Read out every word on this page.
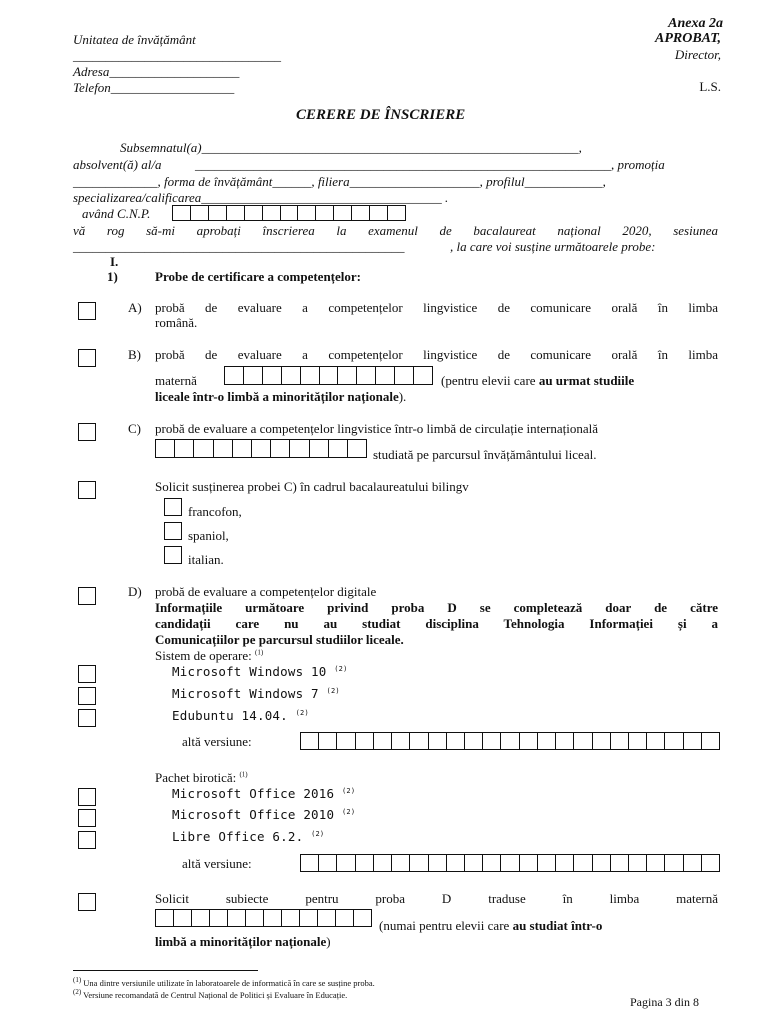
Anexa 2a
APROBAT,
Director,
L.S.
Unitatea de învățământ
________________________________
Adresa____________________
Telefon___________________
CERERE DE ÎNSCRIERE
Subsemnatul(a)__________________________________________________________,
absolvent(ă) al/a	________________________________________________________________, promoția
_____________, forma de învățământ______, filiera____________________, profilul____________,
specializarea/calificarea_____________________________________ .
având C.N.P.
vă rog să-mi aprobați înscrierea la examenul de bacalaureat național 2020, sesiunea
___________________________________________________	, la care voi susține următoarele probe:
I.
1)	Probe de certificare a competențelor:
A) probă de evaluare a competențelor lingvistice de comunicare orală în limba
română.
B) probă de evaluare a competențelor lingvistice de comunicare orală în limba
maternă	(pentru elevii care au urmat studiile
liceale într-o limbă a minorităților naționale).
C) probă de evaluare a competențelor lingvistice într-o limbă de circulație internațională
studiată pe parcursul învățământului liceal.
Solicit susținerea probei C) în cadrul bacalaureatului bilingv
francofon,
spaniol,
italian.
D) probă de evaluare a competențelor digitale
Informațiile următoare privind proba D se completează doar de către
candidații care nu au studiat disciplina Tehnologia Informației și a
Comunicațiilor pe parcursul studiilor liceale.
Sistem de operare: $^{(1)}$
Microsoft Windows 10 $^{(2)}$
Microsoft Windows 7 $^{(2)}$
Edubuntu 14.04. $^{(2)}$
altă versiune:
Pachet birotică: $^{(1)}$
Microsoft Office 2016 $^{(2)}$
Microsoft Office 2010 $^{(2)}$
Libre Office 6.2. $^{(2)}$
altă versiune:
Solicit subiecte pentru proba D traduse în limba maternă
(numai pentru elevii care au studiat într-o
limbă a minorităților naționale)
$^{(1)}$ Una dintre versiunile utilizate în laboratoarele de informatică în care se susține proba.
$^{(2)}$ Versiune recomandată de Centrul Național de Politici și Evaluare în Educație.
Pagina 3 din 8
